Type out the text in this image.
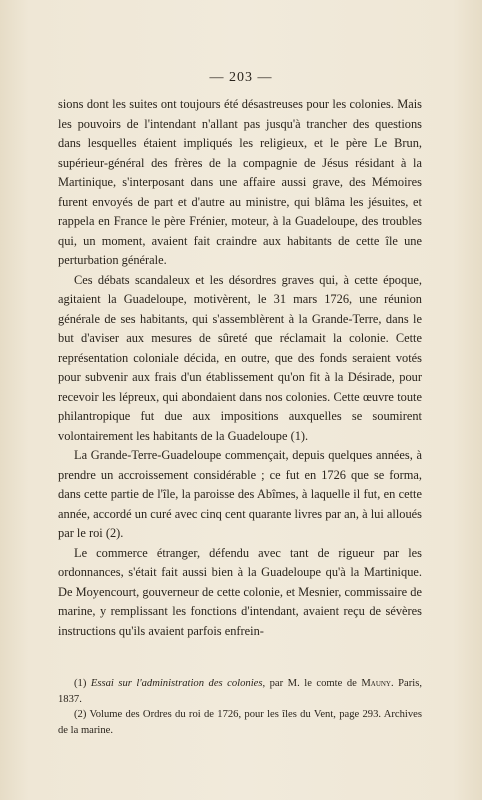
— 203 —

sions dont les suites ont toujours été désastreuses pour les colonies. Mais les pouvoirs de l'intendant n'allant pas jusqu'à trancher des questions dans lesquelles étaient impliqués les religieux, et le père Le Brun, supérieur-général des frères de la compagnie de Jésus résidant à la Martinique, s'interposant dans une affaire aussi grave, des Mémoires furent envoyés de part et d'autre au ministre, qui blâma les jésuites, et rappela en France le père Frénier, moteur, à la Guadeloupe, des troubles qui, un moment, avaient fait craindre aux habitants de cette île une perturbation générale.

Ces débats scandaleux et les désordres graves qui, à cette époque, agitaient la Guadeloupe, motivèrent, le 31 mars 1726, une réunion générale de ses habitants, qui s'assemblèrent à la Grande-Terre, dans le but d'aviser aux mesures de sûreté que réclamait la colonie. Cette représentation coloniale décida, en outre, que des fonds seraient votés pour subvenir aux frais d'un établissement qu'on fit à la Désirade, pour recevoir les lépreux, qui abondaient dans nos colonies. Cette œuvre toute philantropique fut due aux impositions auxquelles se soumirent volontairement les habitants de la Guadeloupe (1).

La Grande-Terre-Guadeloupe commençait, depuis quelques années, à prendre un accroissement considérable ; ce fut en 1726 que se forma, dans cette partie de l'île, la paroisse des Abîmes, à laquelle il fut, en cette année, accordé un curé avec cinq cent quarante livres par an, à lui alloués par le roi (2).

Le commerce étranger, défendu avec tant de rigueur par les ordonnances, s'était fait aussi bien à la Guadeloupe qu'à la Martinique. De Moyencourt, gouverneur de cette colonie, et Mesnier, commissaire de marine, y remplissant les fonctions d'intendant, avaient reçu de sévères instructions qu'ils avaient parfois enfrein-

(1) Essai sur l'administration des colonies, par M. le comte de Mauny. Paris, 1837.

(2) Volume des Ordres du roi de 1726, pour les îles du Vent, page 293. Archives de la marine.
